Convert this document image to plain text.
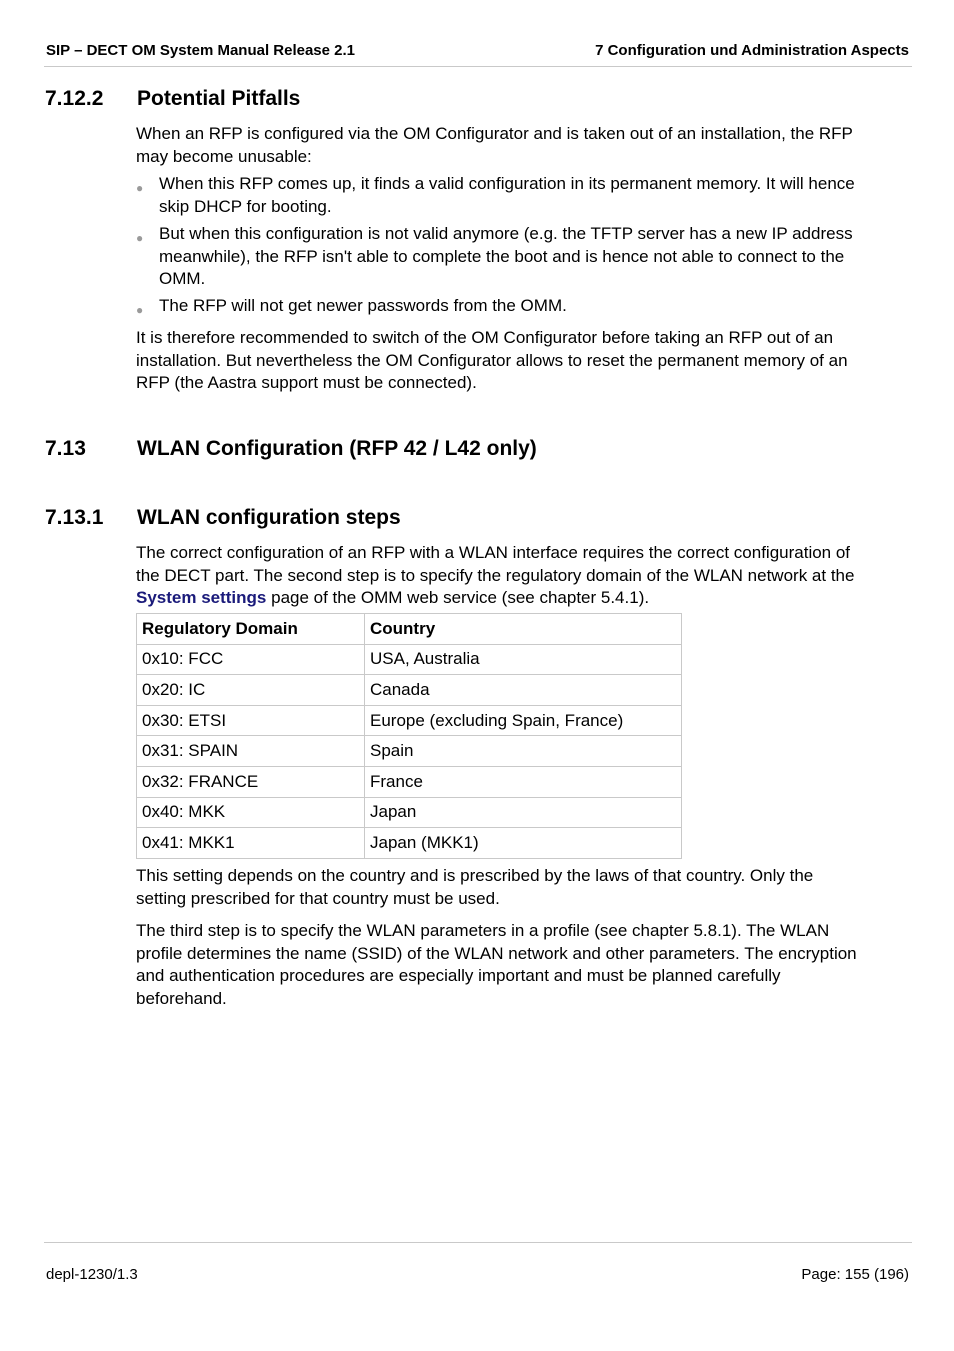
SIP – DECT OM System Manual Release 2.1	7 Configuration und Administration Aspects
7.12.2 Potential Pitfalls
When an RFP is configured via the OM Configurator and is taken out of an installation, the RFP may become unusable:
● When this RFP comes up, it finds a valid configuration in its permanent memory. It will hence skip DHCP for booting.
● But when this configuration is not valid anymore (e.g. the TFTP server has a new IP address meanwhile), the RFP isn't able to complete the boot and is hence not able to connect to the OMM.
● The RFP will not get newer passwords from the OMM.
It is therefore recommended to switch of the OM Configurator before taking an RFP out of an installation. But nevertheless the OM Configurator allows to reset the permanent memory of an RFP (the Aastra support must be connected).
7.13 WLAN Configuration (RFP 42 / L42 only)
7.13.1 WLAN configuration steps
The correct configuration of an RFP with a WLAN interface requires the correct configuration of the DECT part. The second step is to specify the regulatory domain of the WLAN network at the System settings page of the OMM web service (see chapter 5.4.1).
Regulatory Domain	Country
0x10: FCC	USA, Australia
0x20: IC	Canada
0x30: ETSI	Europe (excluding Spain, France)
0x31: SPAIN	Spain
0x32: FRANCE	France
0x40: MKK	Japan
0x41: MKK1	Japan (MKK1)
This setting depends on the country and is prescribed by the laws of that country. Only the setting prescribed for that country must be used.
The third step is to specify the WLAN parameters in a profile (see chapter 5.8.1). The WLAN profile determines the name (SSID) of the WLAN network and other parameters. The encryption and authentication procedures are especially important and must be planned carefully beforehand.
depl-1230/1.3	Page: 155 (196)
